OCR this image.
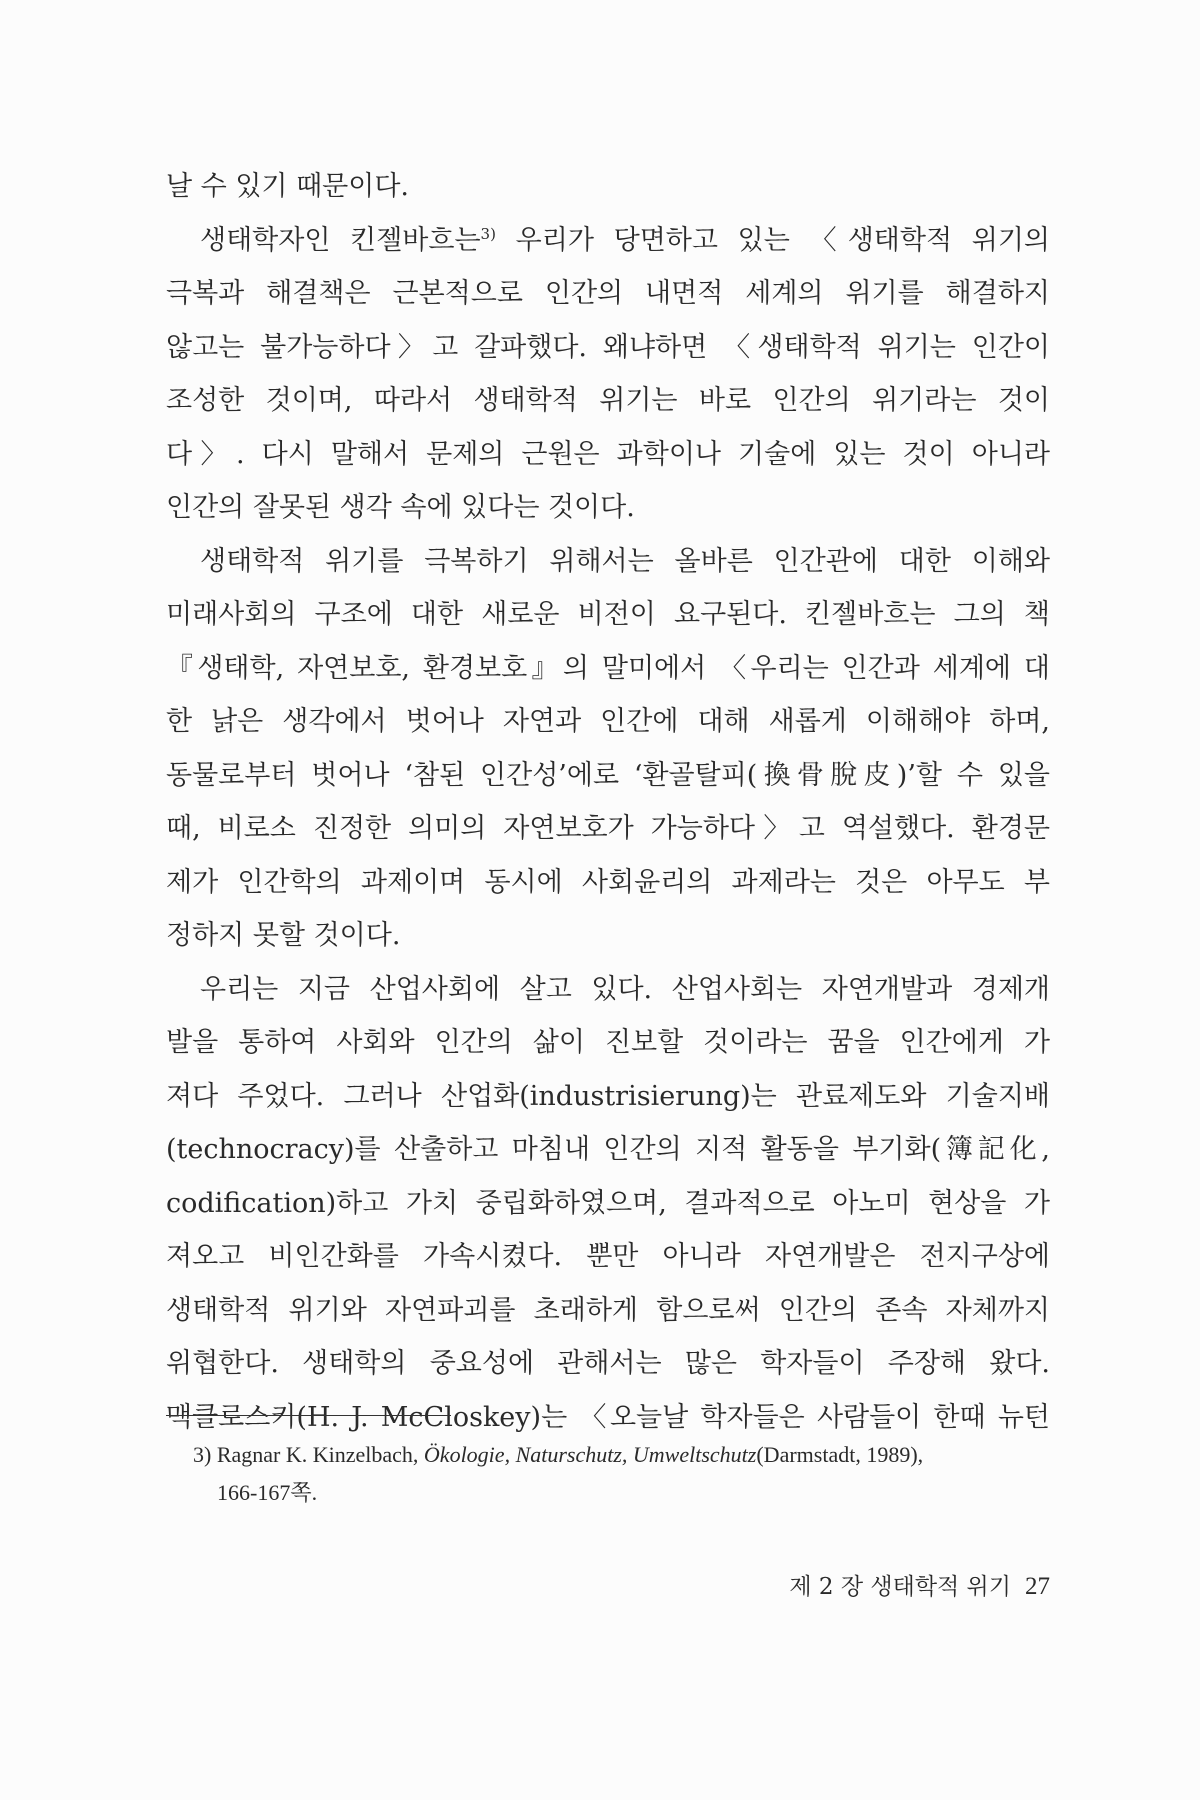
날 수 있기 때문이다.
생태학자인 킨젤바흐는$^{3)}$ 우리가 당면하고 있는 〈생태학적 위기의
극복과 해결책은 근본적으로 인간의 내면적 세계의 위기를 해결하지
않고는 불가능하다〉고 갈파했다. 왜냐하면 〈생태학적 위기는 인간이
조성한 것이며, 따라서 생태학적 위기는 바로 인간의 위기라는 것이
다〉. 다시 말해서 문제의 근원은 과학이나 기술에 있는 것이 아니라
인간의 잘못된 생각 속에 있다는 것이다.
생태학적 위기를 극복하기 위해서는 올바른 인간관에 대한 이해와
미래사회의 구조에 대한 새로운 비전이 요구된다. 킨젤바흐는 그의 책
『생태학, 자연보호, 환경보호』의 말미에서 〈우리는 인간과 세계에 대
한 낡은 생각에서 벗어나 자연과 인간에 대해 새롭게 이해해야 하며,
동물로부터 벗어나 ‘참된 인간성’에로 ‘환골탈피(換骨脫皮)’할 수 있을
때, 비로소 진정한 의미의 자연보호가 가능하다〉고 역설했다. 환경문
제가 인간학의 과제이며 동시에 사회윤리의 과제라는 것은 아무도 부
정하지 못할 것이다.
우리는 지금 산업사회에 살고 있다. 산업사회는 자연개발과 경제개
발을 통하여 사회와 인간의 삶이 진보할 것이라는 꿈을 인간에게 가
져다 주었다. 그러나 산업화(industrisierung)는 관료제도와 기술지배
(technocracy)를 산출하고 마침내 인간의 지적 활동을 부기화(簿記化,
codification)하고 가치 중립화하였으며, 결과적으로 아노미 현상을 가
져오고 비인간화를 가속시켰다. 뿐만 아니라 자연개발은 전지구상에
생태학적 위기와 자연파괴를 초래하게 함으로써 인간의 존속 자체까지
위협한다. 생태학의 중요성에 관해서는 많은 학자들이 주장해 왔다.
맥클로스키(H. J. McCloskey)는 〈오늘날 학자들은 사람들이 한때 뉴턴
3) Ragnar K. Kinzelbach, Ökologie, Naturschutz, Umweltschutz(Darmstadt, 1989),
166-167쪽.
제 2 장 생태학적 위기 27
